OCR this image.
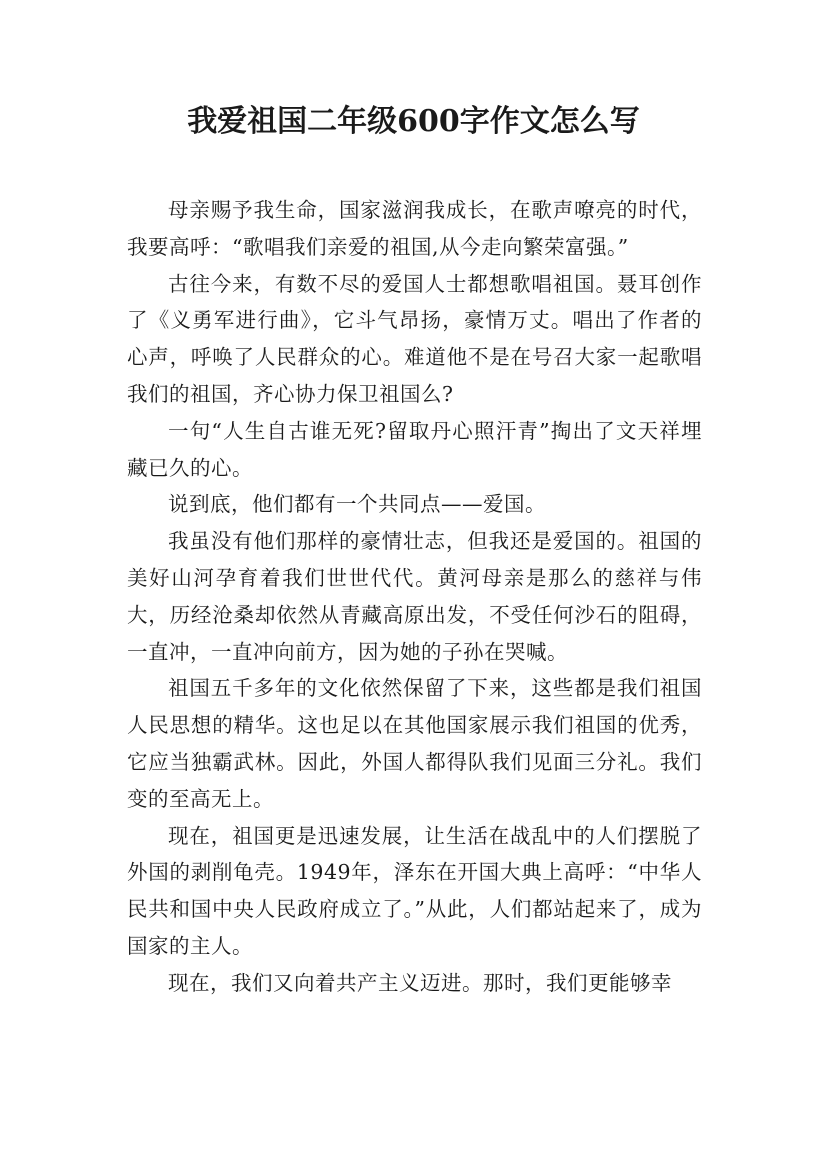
我爱祖国二年级600字作文怎么写

母亲赐予我生命，国家滋润我成长，在歌声嘹亮的时代，我要高呼：“歌唱我们亲爱的祖国,从今走向繁荣富强。”

古往今来，有数不尽的爱国人士都想歌唱祖国。聂耳创作了《义勇军进行曲》，它斗气昂扬，豪情万丈。唱出了作者的心声，呼唤了人民群众的心。难道他不是在号召大家一起歌唱我们的祖国，齐心协力保卫祖国么?

一句“人生自古谁无死?留取丹心照汗青”掏出了文天祥埋藏已久的心。

说到底，他们都有一个共同点——爱国。

我虽没有他们那样的豪情壮志，但我还是爱国的。祖国的美好山河孕育着我们世世代代。黄河母亲是那么的慈祥与伟大，历经沧桑却依然从青藏高原出发，不受任何沙石的阻碍，一直冲，一直冲向前方，因为她的子孙在哭喊。

祖国五千多年的文化依然保留了下来，这些都是我们祖国人民思想的精华。这也足以在其他国家展示我们祖国的优秀，它应当独霸武林。因此，外国人都得队我们见面三分礼。我们变的至高无上。

现在，祖国更是迅速发展，让生活在战乱中的人们摆脱了外国的剥削龟壳。1949年，泽东在开国大典上高呼：“中华人民共和国中央人民政府成立了。”从此，人们都站起来了，成为国家的主人。

现在，我们又向着共产主义迈进。那时，我们更能够幸
